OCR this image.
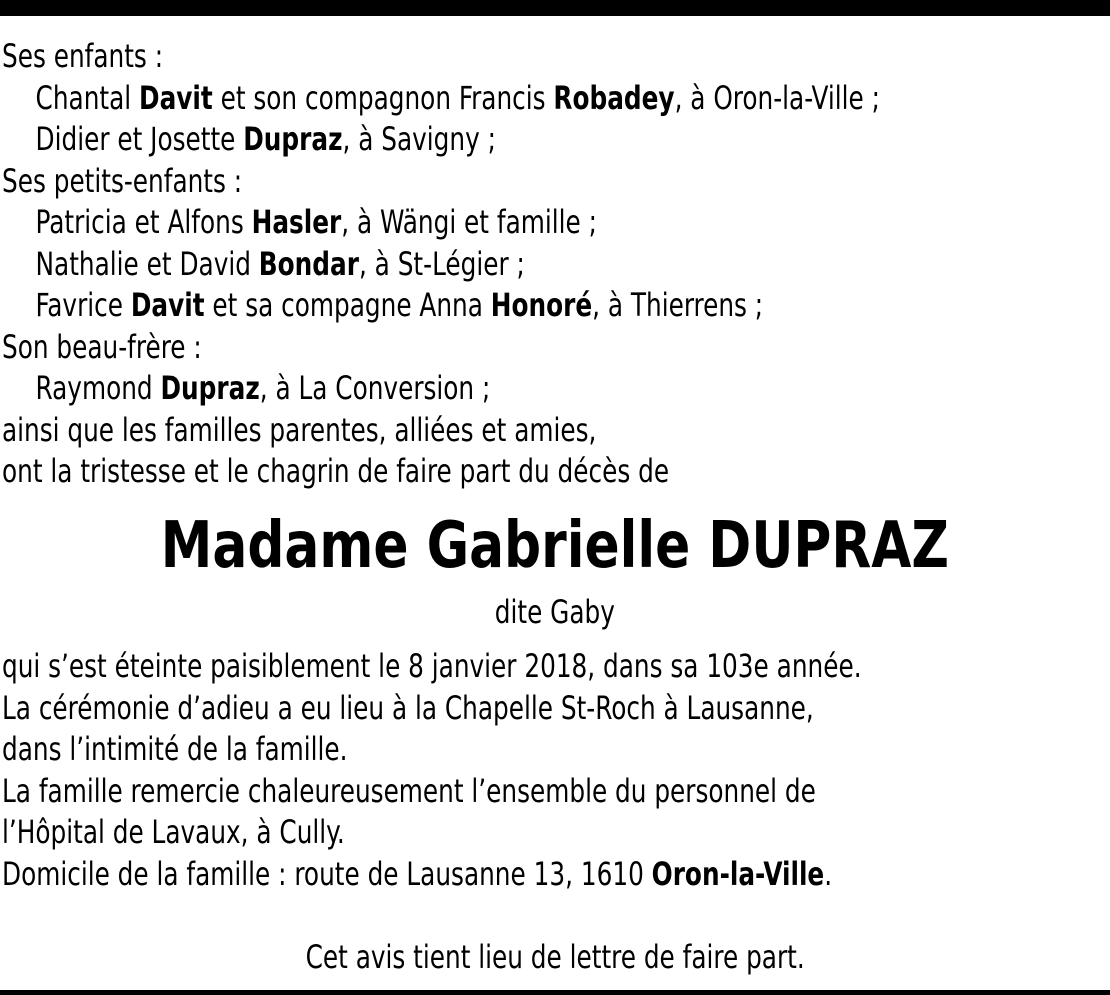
Ses enfants :
Chantal Davit et son compagnon Francis Robadey, à Oron-la-Ville ;
Didier et Josette Dupraz, à Savigny ;
Ses petits-enfants :
Patricia et Alfons Hasler, à Wängi et famille ;
Nathalie et David Bondar, à St-Légier ;
Favrice Davit et sa compagne Anna Honoré, à Thierrens ;
Son beau-frère :
Raymond Dupraz, à La Conversion ;
ainsi que les familles parentes, alliées et amies,
ont la tristesse et le chagrin de faire part du décès de
Madame Gabrielle DUPRAZ
dite Gaby
qui s’est éteinte paisiblement le 8 janvier 2018, dans sa 103e année.
La cérémonie d’adieu a eu lieu à la Chapelle St-Roch à Lausanne,
dans l’intimité de la famille.
La famille remercie chaleureusement l’ensemble du personnel de
l’Hôpital de Lavaux, à Cully.
Domicile de la famille : route de Lausanne 13, 1610 Oron-la-Ville.
Cet avis tient lieu de lettre de faire part.
